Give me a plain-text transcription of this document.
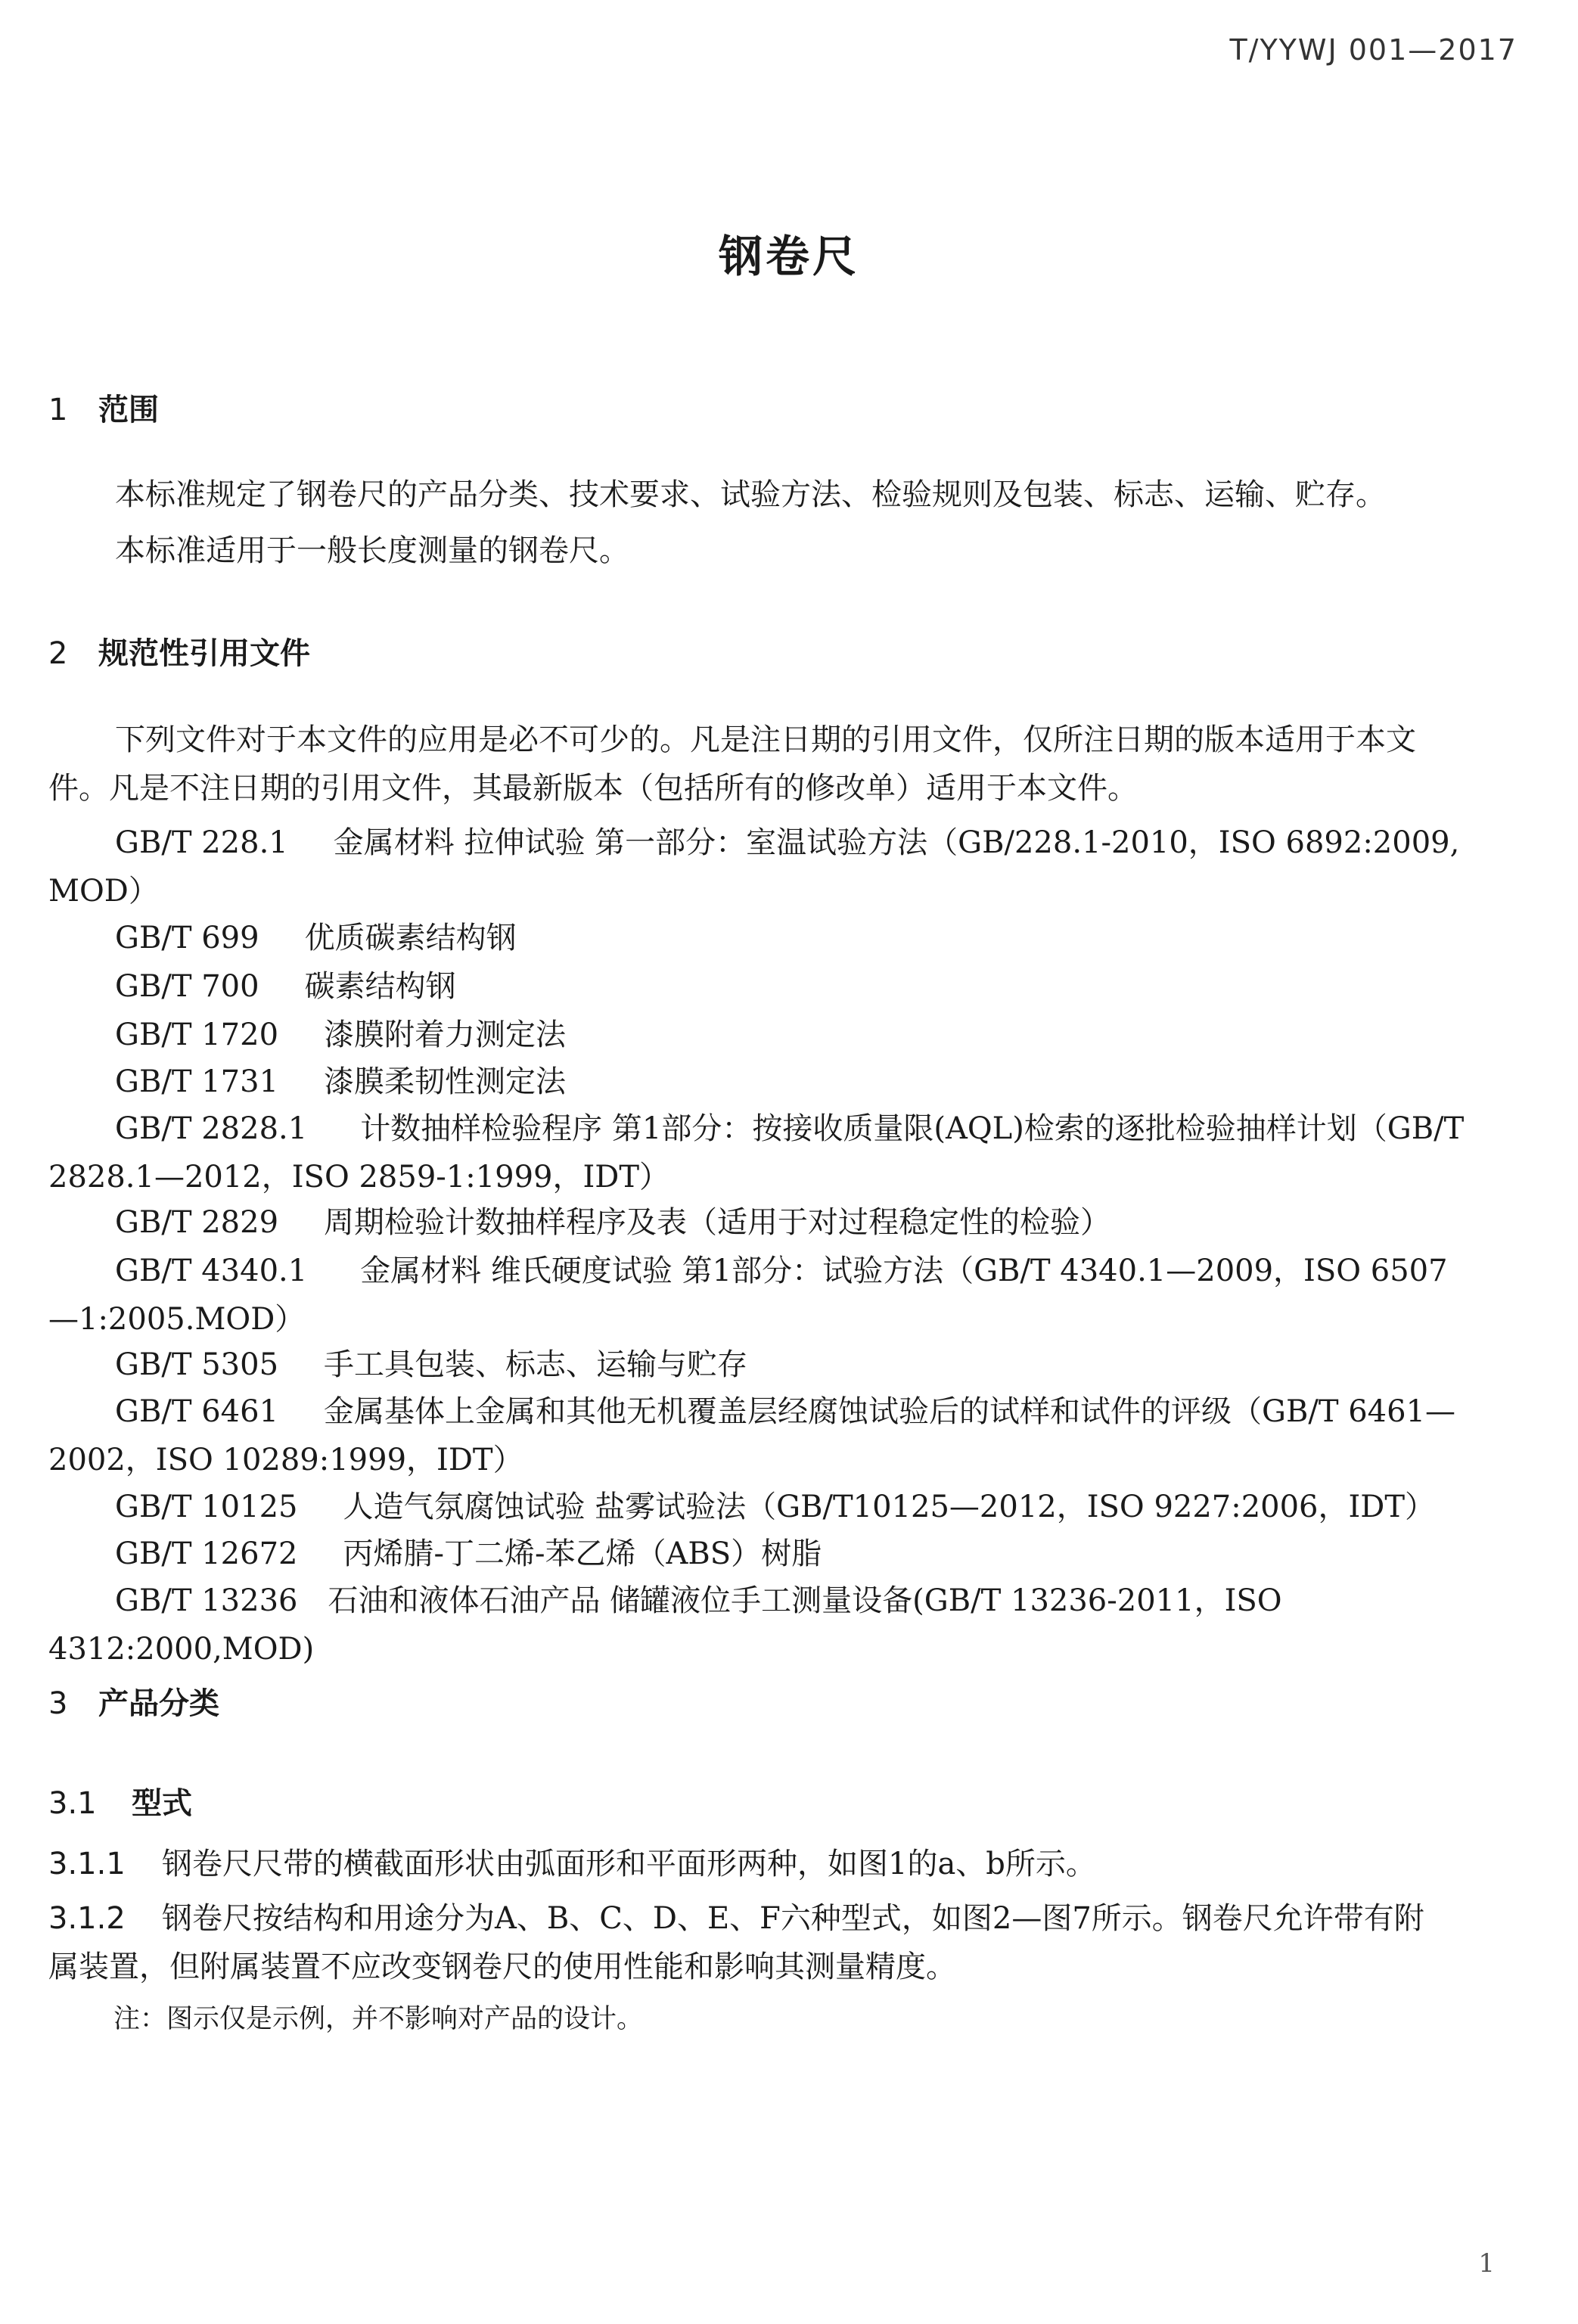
T/YYWJ 001—2017
钢卷尺
1 范围
本标准规定了钢卷尺的产品分类、技术要求、试验方法、检验规则及包装、标志、运输、贮存。
本标准适用于一般长度测量的钢卷尺。
2 规范性引用文件
下列文件对于本文件的应用是必不可少的。凡是注日期的引用文件，仅所注日期的版本适用于本文
件。凡是不注日期的引用文件，其最新版本（包括所有的修改单）适用于本文件。
GB/T 228.1 金属材料 拉伸试验 第一部分：室温试验方法（GB/228.1-2010，ISO 6892:2009,
MOD）
GB/T 699 优质碳素结构钢
GB/T 700 碳素结构钢
GB/T 1720 漆膜附着力测定法
GB/T 1731 漆膜柔韧性测定法
GB/T 2828.1 计数抽样检验程序 第1部分：按接收质量限(AQL)检索的逐批检验抽样计划（GB/T
2828.1—2012，ISO 2859-1:1999，IDT）
GB/T 2829 周期检验计数抽样程序及表（适用于对过程稳定性的检验）
GB/T 4340.1 金属材料 维氏硬度试验 第1部分：试验方法（GB/T 4340.1—2009，ISO 6507
—1:2005.MOD）
GB/T 5305 手工具包装、标志、运输与贮存
GB/T 6461 金属基体上金属和其他无机覆盖层经腐蚀试验后的试样和试件的评级（GB/T 6461—
2002，ISO 10289:1999，IDT）
GB/T 10125 人造气氛腐蚀试验 盐雾试验法（GB/T10125—2012，ISO 9227:2006，IDT）
GB/T 12672 丙烯腈-丁二烯-苯乙烯（ABS）树脂
GB/T 13236 石油和液体石油产品 储罐液位手工测量设备(GB/T 13236-2011，ISO 4312:2000,MOD)
3 产品分类
3.1 型式
3.1.1 钢卷尺尺带的横截面形状由弧面形和平面形两种，如图1的a、b所示。
3.1.2 钢卷尺按结构和用途分为A、B、C、D、E、F六种型式，如图2—图7所示。钢卷尺允许带有附
属装置，但附属装置不应改变钢卷尺的使用性能和影响其测量精度。
注：图示仅是示例，并不影响对产品的设计。
1
